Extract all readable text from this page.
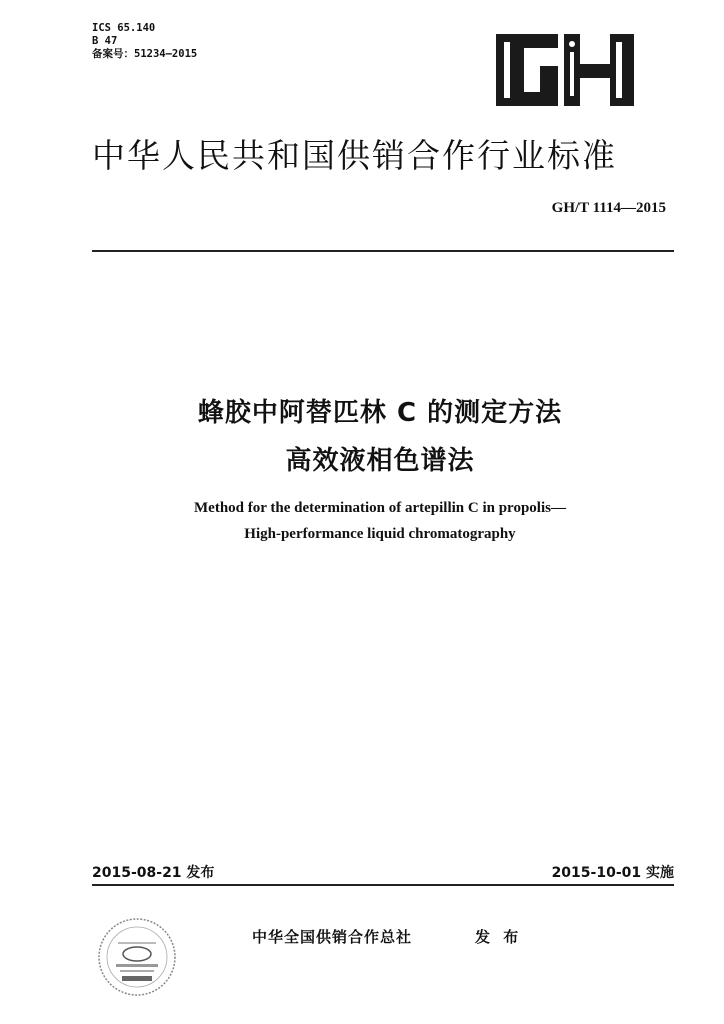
ICS 65.140
B 47
备案号：51234—2015
中华人民共和国供销合作行业标准
GH/T 1114—2015
蜂胶中阿替匹林 C 的测定方法
高效液相色谱法
Method for the determination of artepillin C in propolis—
High-performance liquid chromatography
2015-08-21 发布	2015-10-01 实施
中华全国供销合作总社	发 布
